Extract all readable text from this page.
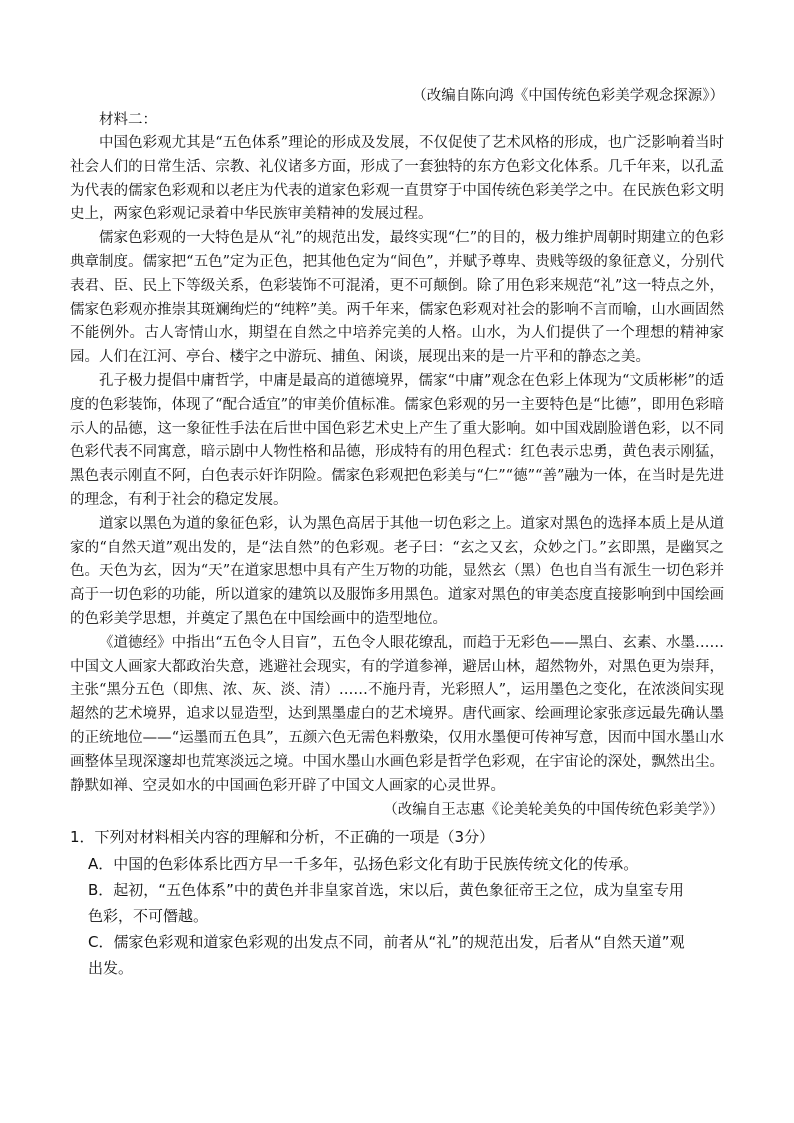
（改编自陈向鸿《中国传统色彩美学观念探源》）

材料二：

中国色彩观尤其是“五色体系”理论的形成及发展，不仅促使了艺术风格的形成，也广泛影响着当时社会人们的日常生活、宗教、礼仪诸多方面，形成了一套独特的东方色彩文化体系。几千年来，以孔孟为代表的儒家色彩观和以老庄为代表的道家色彩观一直贯穿于中国传统色彩美学之中。在民族色彩文明史上，两家色彩观记录着中华民族审美精神的发展过程。

儒家色彩观的一大特色是从“礼”的规范出发，最终实现“仁”的目的，极力维护周朝时期建立的色彩典章制度。儒家把“五色”定为正色，把其他色定为“间色”，并赋予尊卑、贵贱等级的象征意义，分别代表君、臣、民上下等级关系，色彩装饰不可混淆，更不可颠倒。除了用色彩来规范“礼”这一特点之外，儒家色彩观亦推崇其斑斓绚烂的“纯粹”美。两千年来，儒家色彩观对社会的影响不言而喻，山水画固然不能例外。古人寄情山水，期望在自然之中培养完美的人格。山水，为人们提供了一个理想的精神家园。人们在江河、亭台、楼宇之中游玩、捕鱼、闲谈，展现出来的是一片平和的静态之美。

孔子极力提倡中庸哲学，中庸是最高的道德境界，儒家“中庸”观念在色彩上体现为“文质彬彬”的适度的色彩装饰，体现了“配合适宜”的审美价值标准。儒家色彩观的另一主要特色是“比德”，即用色彩暗示人的品德，这一象征性手法在后世中国色彩艺术史上产生了重大影响。如中国戏剧脸谱色彩，以不同色彩代表不同寓意，暗示剧中人物性格和品德，形成特有的用色程式：红色表示忠勇，黄色表示刚猛，黑色表示刚直不阿，白色表示奸诈阴险。儒家色彩观把色彩美与“仁”“德”“善”融为一体，在当时是先进的理念，有利于社会的稳定发展。

道家以黑色为道的象征色彩，认为黑色高居于其他一切色彩之上。道家对黑色的选择本质上是从道家的“自然天道”观出发的，是“法自然”的色彩观。老子曰：“玄之又玄，众妙之门。”玄即黑，是幽冥之色。天色为玄，因为“天”在道家思想中具有产生万物的功能，显然玄（黑）色也自当有派生一切色彩并高于一切色彩的功能，所以道家的建筑以及服饰多用黑色。道家对黑色的审美态度直接影响到中国绘画的色彩美学思想，并奠定了黑色在中国绘画中的造型地位。

《道德经》中指出“五色令人目盲”，五色令人眼花缭乱，而趋于无彩色——黑白、玄素、水墨……中国文人画家大都政治失意，逃避社会现实，有的学道参禅，避居山林，超然物外，对黑色更为崇拜，主张“黑分五色（即焦、浓、灰、淡、清）……不施丹青，光彩照人”，运用墨色之变化，在浓淡间实现超然的艺术境界，追求以显造型，达到黑墨虚白的艺术境界。唐代画家、绘画理论家张彦远最先确认墨的正统地位——“运墨而五色具”，五颜六色无需色料敷染，仅用水墨便可传神写意，因而中国水墨山水画整体呈现深邃却也荒寒淡远之境。中国水墨山水画色彩是哲学色彩观，在宇宙论的深处，飘然出尘。静默如禅、空灵如水的中国画色彩开辟了中国文人画家的心灵世界。

（改编自王志惠《论美轮美奂的中国传统色彩美学》）

1．下列对材料相关内容的理解和分析，不正确的一项是（3分）

A．中国的色彩体系比西方早一千多年，弘扬色彩文化有助于民族传统文化的传承。

B．起初，“五色体系”中的黄色并非皇家首选，宋以后，黄色象征帝王之位，成为皇室专用
色彩，不可僭越。

C．儒家色彩观和道家色彩观的出发点不同，前者从“礼”的规范出发，后者从“自然天道”观
出发。
